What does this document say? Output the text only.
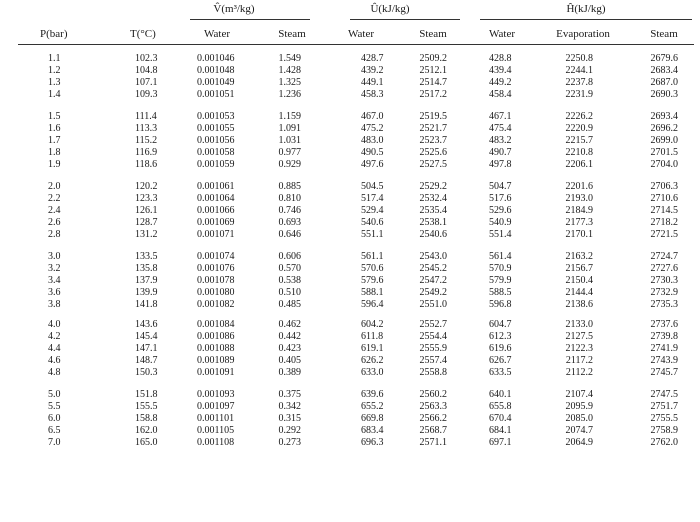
V̂(m³/kg)	Û(kJ/kg)	Ĥ(kJ/kg)
P(bar)	T(°C)	Water	Steam	Water	Steam	Water	Evaporation	Steam
1.1	102.3	0.001046	1.549	428.7	2509.2	428.8	2250.8	2679.6
1.2	104.8	0.001048	1.428	439.2	2512.1	439.4	2244.1	2683.4
1.3	107.1	0.001049	1.325	449.1	2514.7	449.2	2237.8	2687.0
1.4	109.3	0.001051	1.236	458.3	2517.2	458.4	2231.9	2690.3
1.5	111.4	0.001053	1.159	467.0	2519.5	467.1	2226.2	2693.4
1.6	113.3	0.001055	1.091	475.2	2521.7	475.4	2220.9	2696.2
1.7	115.2	0.001056	1.031	483.0	2523.7	483.2	2215.7	2699.0
1.8	116.9	0.001058	0.977	490.5	2525.6	490.7	2210.8	2701.5
1.9	118.6	0.001059	0.929	497.6	2527.5	497.8	2206.1	2704.0
2.0	120.2	0.001061	0.885	504.5	2529.2	504.7	2201.6	2706.3
2.2	123.3	0.001064	0.810	517.4	2532.4	517.6	2193.0	2710.6
2.4	126.1	0.001066	0.746	529.4	2535.4	529.6	2184.9	2714.5
2.6	128.7	0.001069	0.693	540.6	2538.1	540.9	2177.3	2718.2
2.8	131.2	0.001071	0.646	551.1	2540.6	551.4	2170.1	2721.5
3.0	133.5	0.001074	0.606	561.1	2543.0	561.4	2163.2	2724.7
3.2	135.8	0.001076	0.570	570.6	2545.2	570.9	2156.7	2727.6
3.4	137.9	0.001078	0.538	579.6	2547.2	579.9	2150.4	2730.3
3.6	139.9	0.001080	0.510	588.1	2549.2	588.5	2144.4	2732.9
3.8	141.8	0.001082	0.485	596.4	2551.0	596.8	2138.6	2735.3
4.0	143.6	0.001084	0.462	604.2	2552.7	604.7	2133.0	2737.6
4.2	145.4	0.001086	0.442	611.8	2554.4	612.3	2127.5	2739.8
4.4	147.1	0.001088	0.423	619.1	2555.9	619.6	2122.3	2741.9
4.6	148.7	0.001089	0.405	626.2	2557.4	626.7	2117.2	2743.9
4.8	150.3	0.001091	0.389	633.0	2558.8	633.5	2112.2	2745.7
5.0	151.8	0.001093	0.375	639.6	2560.2	640.1	2107.4	2747.5
5.5	155.5	0.001097	0.342	655.2	2563.3	655.8	2095.9	2751.7
6.0	158.8	0.001101	0.315	669.8	2566.2	670.4	2085.0	2755.5
6.5	162.0	0.001105	0.292	683.4	2568.7	684.1	2074.7	2758.9
7.0	165.0	0.001108	0.273	696.3	2571.1	697.1	2064.9	2762.0
